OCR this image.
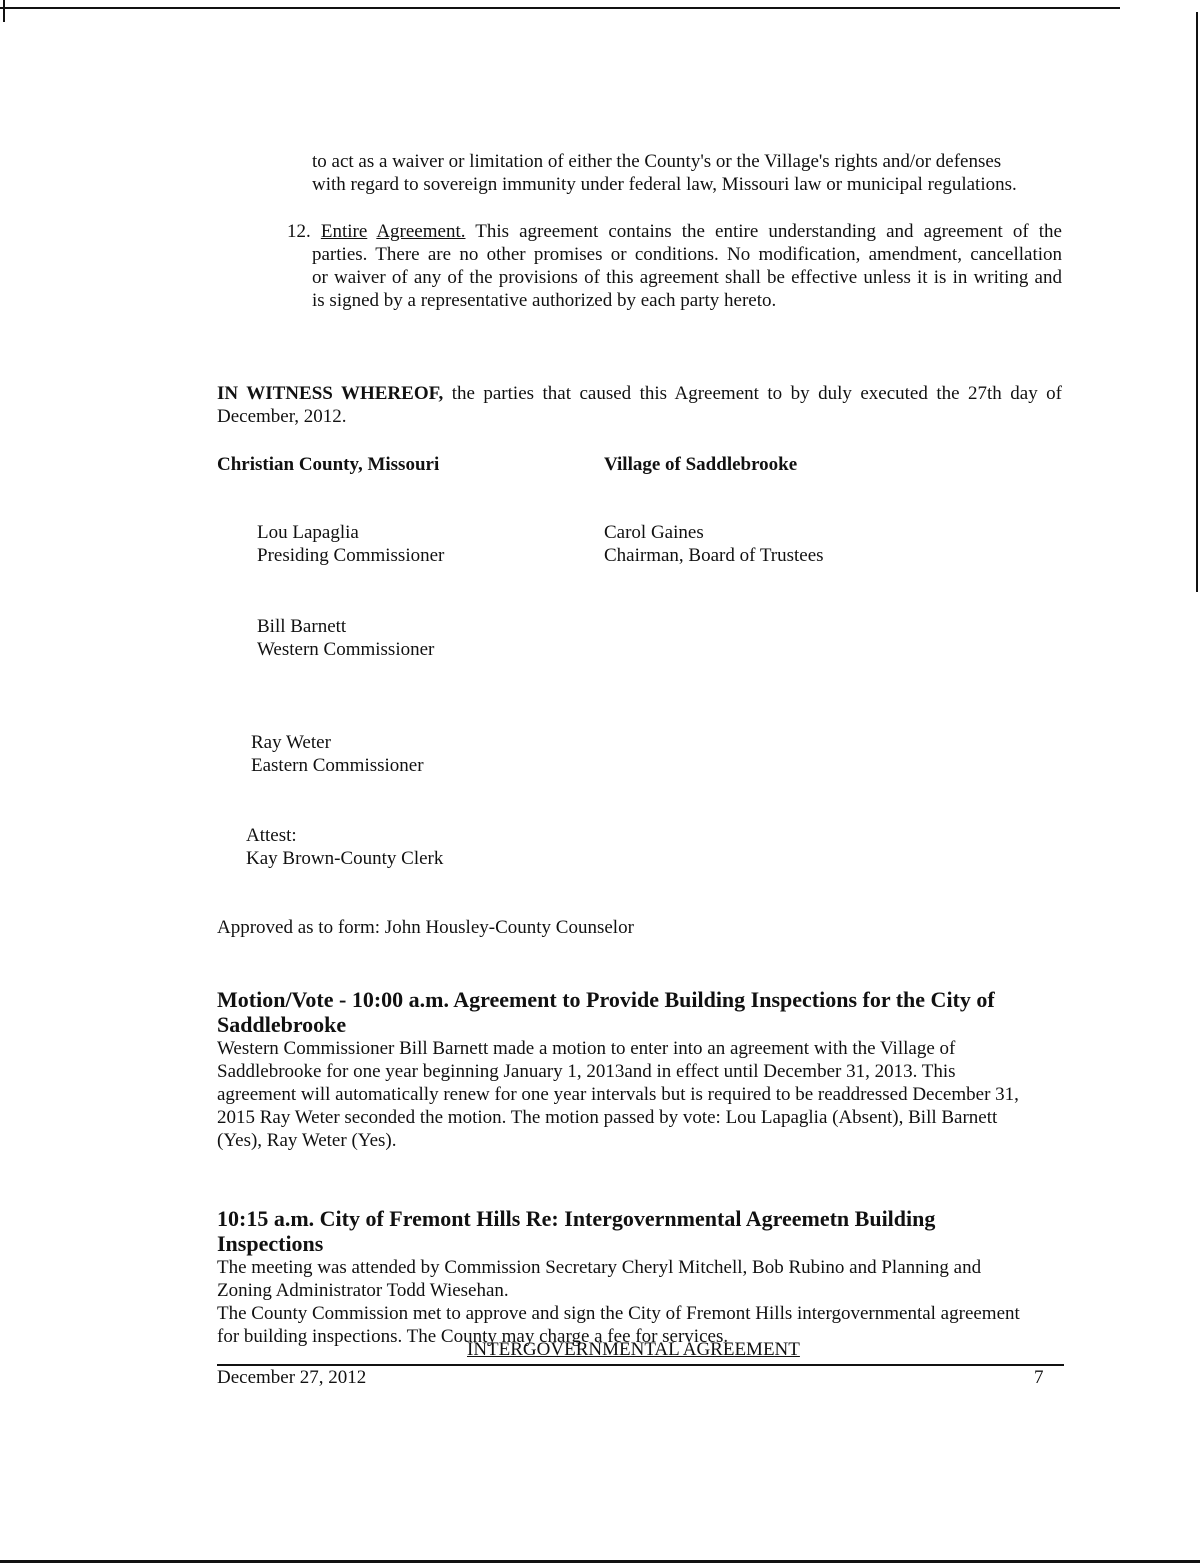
to act as a waiver or limitation of either the County's or the Village's rights and/or defenses
with regard to sovereign immunity under federal law, Missouri law or municipal regulations.
12. Entire Agreement. This agreement contains the entire understanding and agreement of the
parties. There are no other promises or conditions. No modification, amendment, cancellation
or waiver of any of the provisions of this agreement shall be effective unless it is in writing and
is signed by a representative authorized by each party hereto.
IN WITNESS WHEREOF, the parties that caused this Agreement to by duly executed the 27th day of
December, 2012.
Christian County, Missouri	Village of Saddlebrooke
Lou Lapaglia
Presiding Commissioner
Carol Gaines
Chairman, Board of Trustees
Bill Barnett
Western Commissioner
Ray Weter
Eastern Commissioner
Attest:
Kay Brown-County Clerk
Approved as to form: John Housley-County Counselor
Motion/Vote - 10:00 a.m. Agreement to Provide Building Inspections for the City of
Saddlebrooke
Western Commissioner Bill Barnett made a motion to enter into an agreement with the Village of
Saddlebrooke for one year beginning January 1, 2013and in effect until December 31, 2013. This
agreement will automatically renew for one year intervals but is required to be readdressed December 31,
2015 Ray Weter seconded the motion. The motion passed by vote: Lou Lapaglia (Absent), Bill Barnett
(Yes), Ray Weter (Yes).
10:15 a.m. City of Fremont Hills Re: Intergovernmental Agreemetn Building
Inspections
The meeting was attended by Commission Secretary Cheryl Mitchell, Bob Rubino and Planning and
Zoning Administrator Todd Wiesehan.
The County Commission met to approve and sign the City of Fremont Hills intergovernmental agreement
for building inspections. The County may charge a fee for services.
INTERGOVERNMENTAL AGREEMENT
December 27, 2012	7
